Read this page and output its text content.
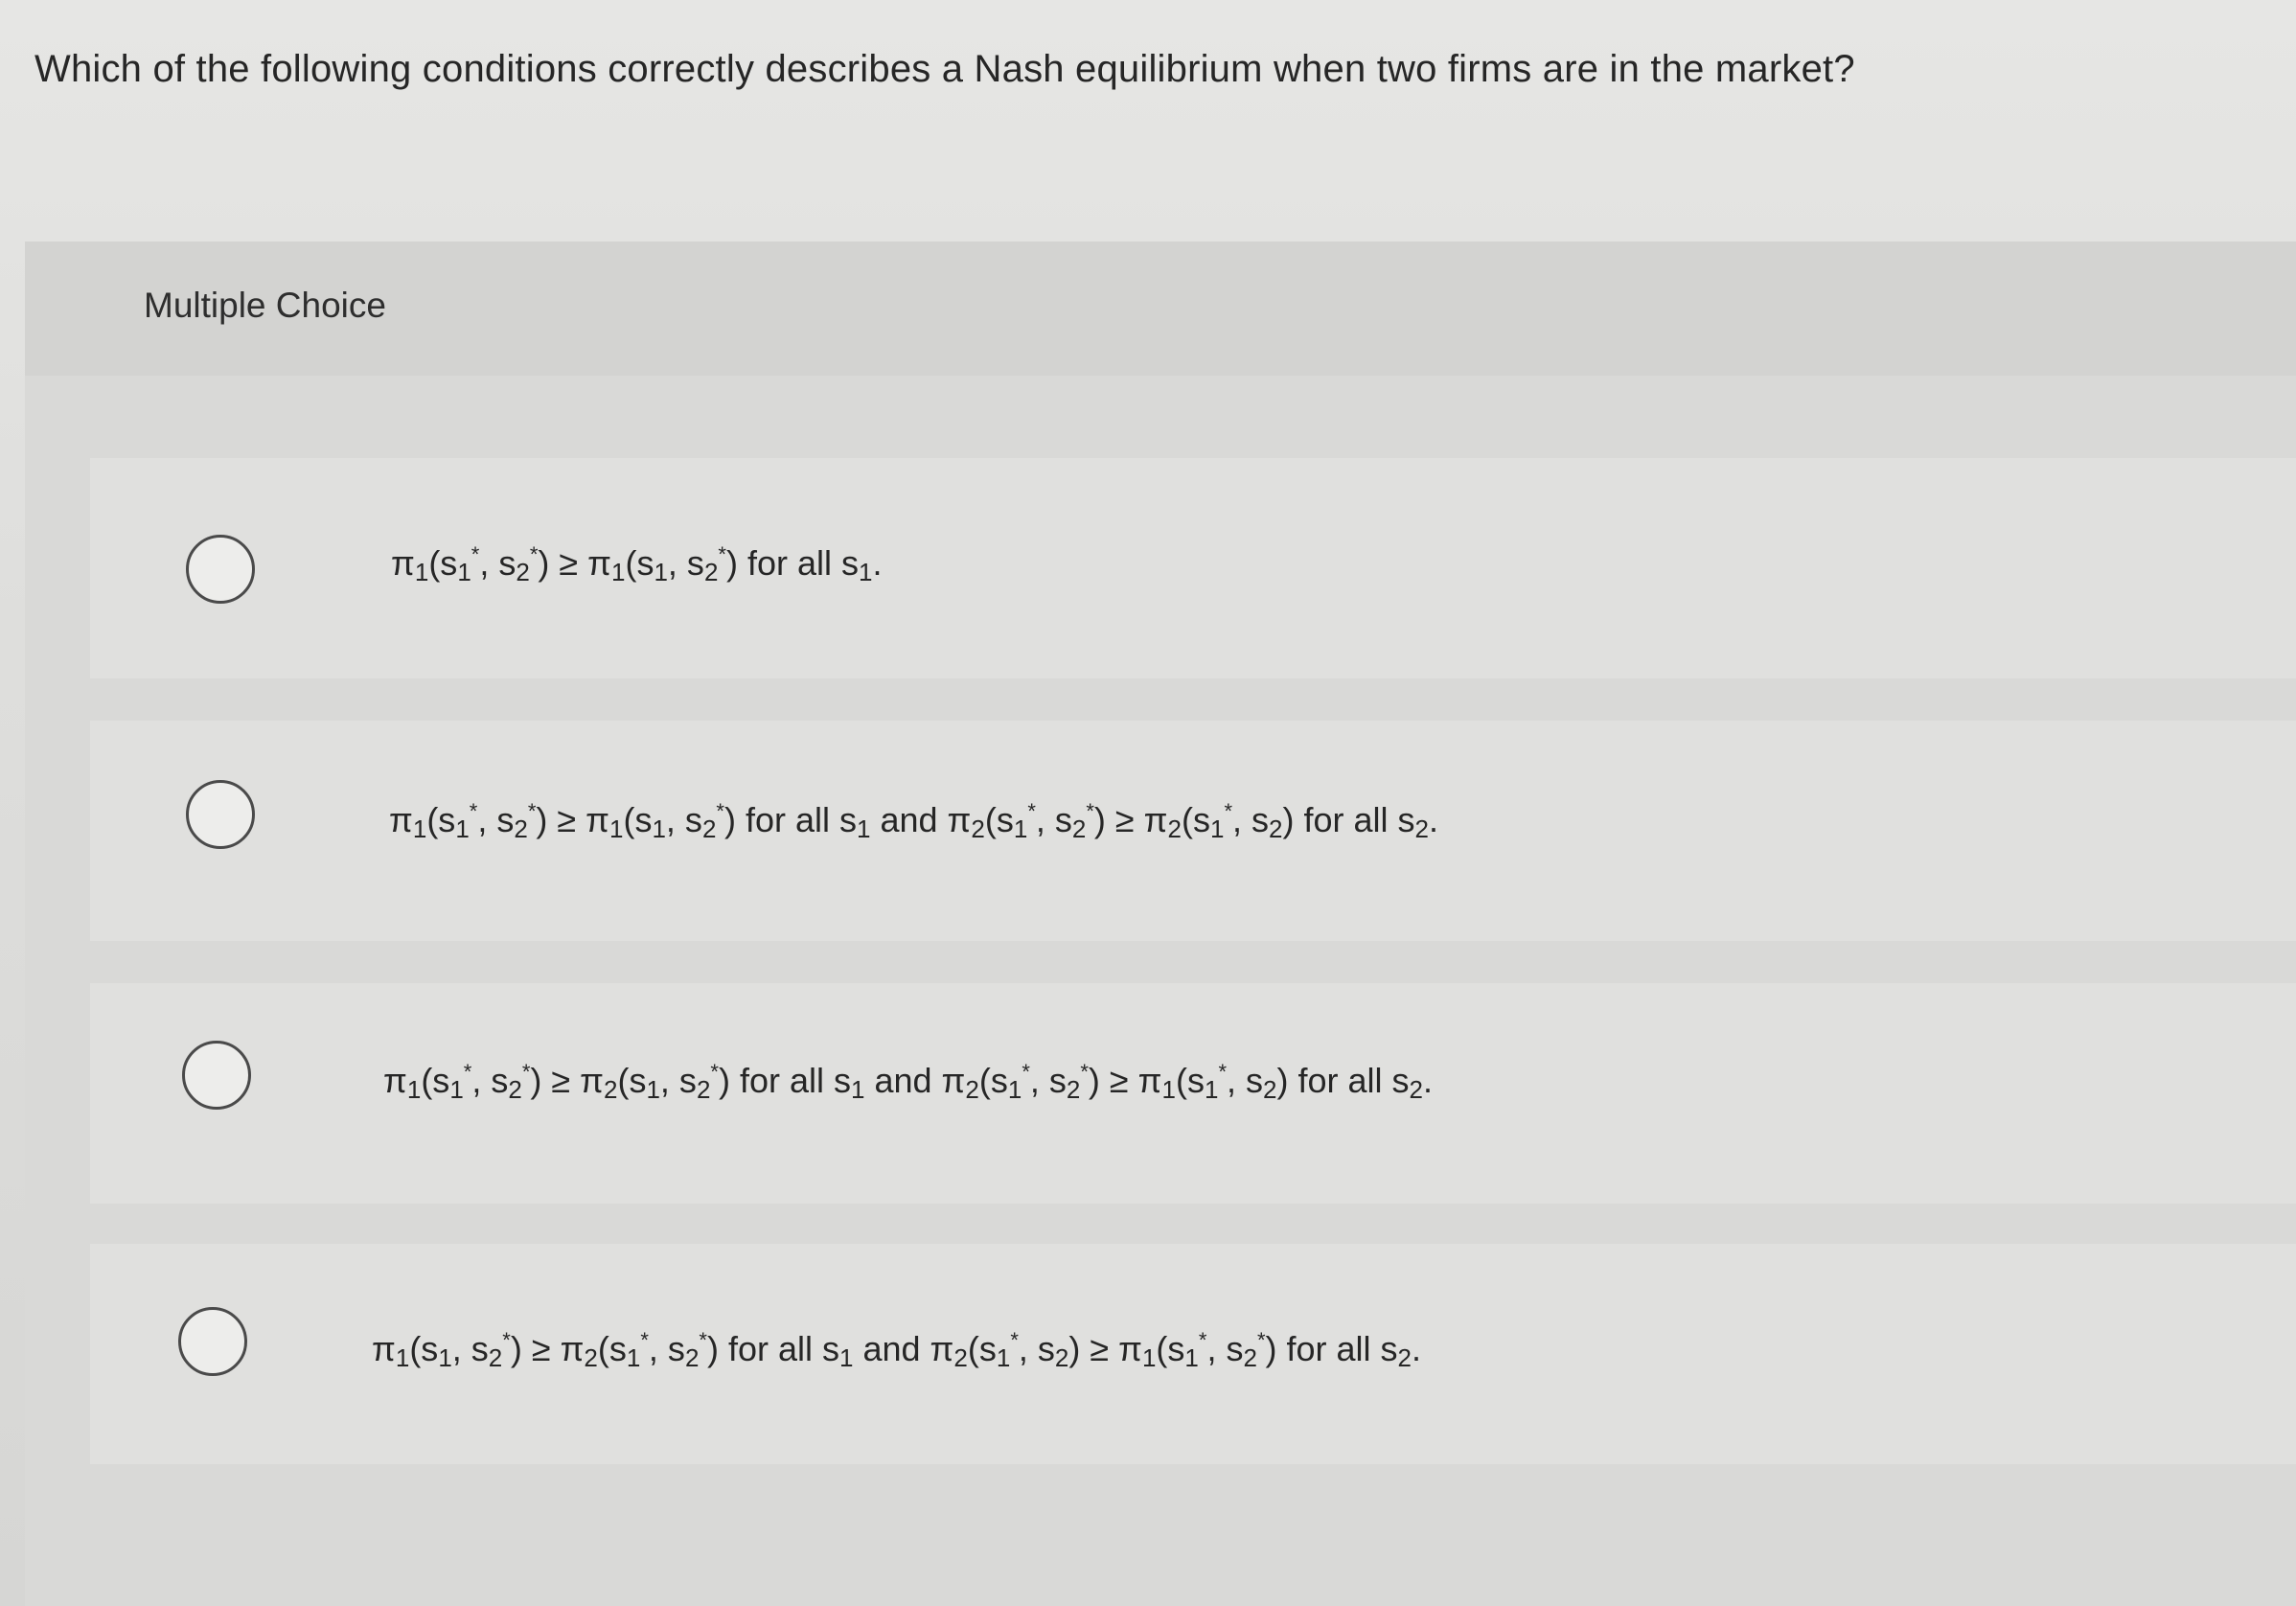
Which of the following conditions correctly describes a Nash equilibrium when two firms are in the market?
Multiple Choice
$\pi_1(s_1^*$, $s_2^*) \ge \pi_1(s_1$, $s_2^*$) for all $s_1$.
$\pi_1(s_1^*$, $s_2^*) \ge \pi_1(s_1$, $s_2^*$) for all $s_1$ and $\pi_2(s_1^*$, $s_2^*) \ge \pi_2(s_1^*$, $s_2$) for all $s_2$.
$\pi_1(s_1^*$, $s_2^*) \ge \pi_2(s_1$, $s_2^*$) for all $s_1$ and $\pi_2(s_1^*$, $s_2^*) \ge \pi_1(s_1^*$, $s_2$) for all $s_2$.
$\pi_1(s_1$, $s_2^*) \ge \pi_2(s_1^*$, $s_2^*$) for all $s_1$ and $\pi_2(s_1^*$, $s_2) \ge \pi_1(s_1^*$, $s_2^*$) for all $s_2$.
